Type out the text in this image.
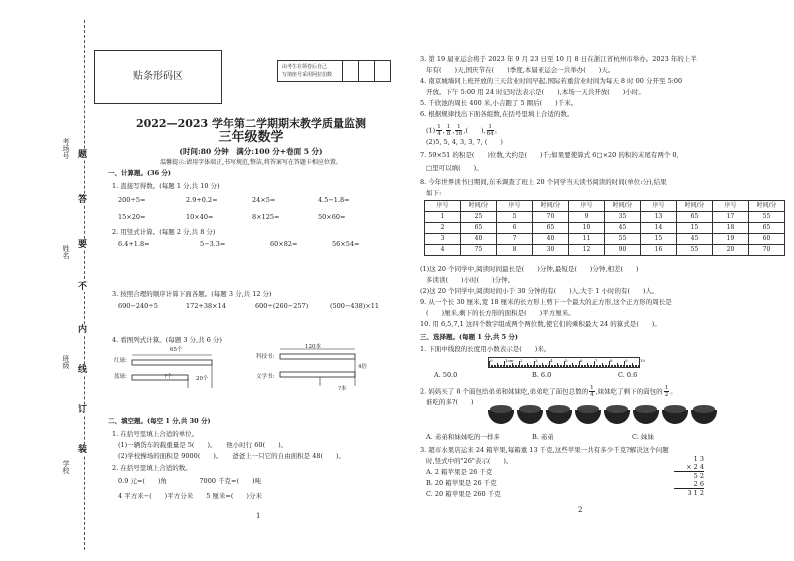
题
答
要
不
内
线
订
装
考场号
姓名
班级
学校
贴条形码区
由考生在领卷后自己
写填座号采用阿拉伯数
2022—2023 学年第二学期期末教学质量监测
三年级数学
(时间:80 分钟　满分:100 分+卷面 5 分)
温馨提示:请用字体端正,书写规范,整洁,将答案写在答题卡相应位置。
一、计算题。(36 分)
1. 直接写得数。(每题 1 分,共 10 分)
200÷5=	2.9+0.2=	24×5=	4.5−1.8=
15×20=	10×40=	8×125=	50×60=
2. 用竖式计算。(每题 2 分,共 8 分)
6.4+1.8=	5−3.3=	60×82=	56×54=
3. 按照合理的顺序计算下面各题。(每题 3 分,共 12 分)
690−240÷5	172+38×14	600÷(260−257)	(500−438)×11
4. 看图列式计算。(每题 3 分,共 6 分)
65个
?个	20个
红球:
蓝球:
120本
科技书:
文学书:
?本
4倍
二、填空题。(每空 1 分,共 30 分)
1. 在括号里填上合适的单位。
(1)一辆货车的载重量是 5(　　)。　　他小时行 60(　　)。
(2)学校操场的面积是 9000(　　)。　　爸爸上一只它的自由面积是 48(　　)。
2. 在括号里填上合适的数。
0.9 元=(　　)角　　　　　7000 千克=(　　)吨
4 平方米−(　　)平方分米　　5 厘米=(　　)分米
1
3. 第 19 届亚运会将于 2023 年 9 月 23 日至 10 月 8 日在浙江省杭州市举办。2023 年的上半
年有(　　)天,国庆节在(　　)季度,本届亚运会一共举办(　　)天。
4. 南京城墙同上班开放的三天营业时间早起,国际若重营业时间为每天 8 时 00 分开至 5:00
开放。下午 5:00 用 24 时记时法表示是(　　),本场一天共开放(　　)小时。
5. 千欣池的周长 400 米,小吉跑了 5 圈后(　　)千米。
6. 根据规律找出下面各组数,在括号里填上合适的数。
$(1) \frac{1}{4}$ , $\frac{1}{8}$ , $\frac{1}{16}$ ,(　　), $\frac{1}{64}$ 。
(2)5, 5, 4, 3, 3, 7, (　　)
7. 59×51 的积是(　　)位数,大约是(　　)千;如果要使算式 6□×20 的积的末尾有两个 0,
□里可以填(　　)。
8. 今年世界读书日期间,东禾调查了班上 20 个同学当天读书阅读的时间(单位:分),结果
如下:
序号	时间/分	序号	时间/分	序号	时间/分	序号	时间/分	序号	时间/分
1	25	5	70	9	35	13	65	17	55
2	65	6	65	10	45	14	15	18	65
3	40	7	40	11	55	15	45	19	60
4	75	8	30	12	90	16	55	20	70
(1)这 20 个同学中,阅读时间最长是(　　)分钟,最短是(　　)分钟,相差(　　)
多读读(　　)小时(　　)分钟。
(2)这 20 个同学中,阅读时间小于 30 分钟的有(　　)人,大于 1 小时的有(　　)人。
9. 从一个长 30 厘米,宽 18 厘米的长方形上剪下一个最大的正方形,这个正方形的周长是
(　　)厘米,剩下的长方形的面积是(　　)平方厘米。
10. 用 6,5,7,1 这四个数字组成两个两位数,使它们的乘积最大 24 的算式是(　　)。
三、选择题。(每题 1 分,共 5 分)
1. 下面中线段的长度用小数表示是(　　)米。
0	1cm 2	3	4	5	6	7	8	9	10
A. 50.0	B. 6.0	C. 0.6
2. 妈妈买了 8 个面包给弟弟和妹妹吃,弟弟吃了面包总数的 $\frac{1}{4}$ ,妹妹吃了剩下的面包的 $\frac{1}{2}$ 。
谁吃的多?(　　)
A. 弟弟和妹妹吃的一样多	B. 弟弟	C. 妹妹
3. 超市水果店运来 24 箱苹果,每箱重 13 千克,这些苹果一共有多少千克?解决这个问题
时,竖式中的"26"表示(　　)。
A. 2 箱苹果是 26 千克
B. 20 箱苹果是 26 千克
C. 20 箱苹果是 260 千克
1 3
× 2 4
5 2
2 6
3 1 2
2
